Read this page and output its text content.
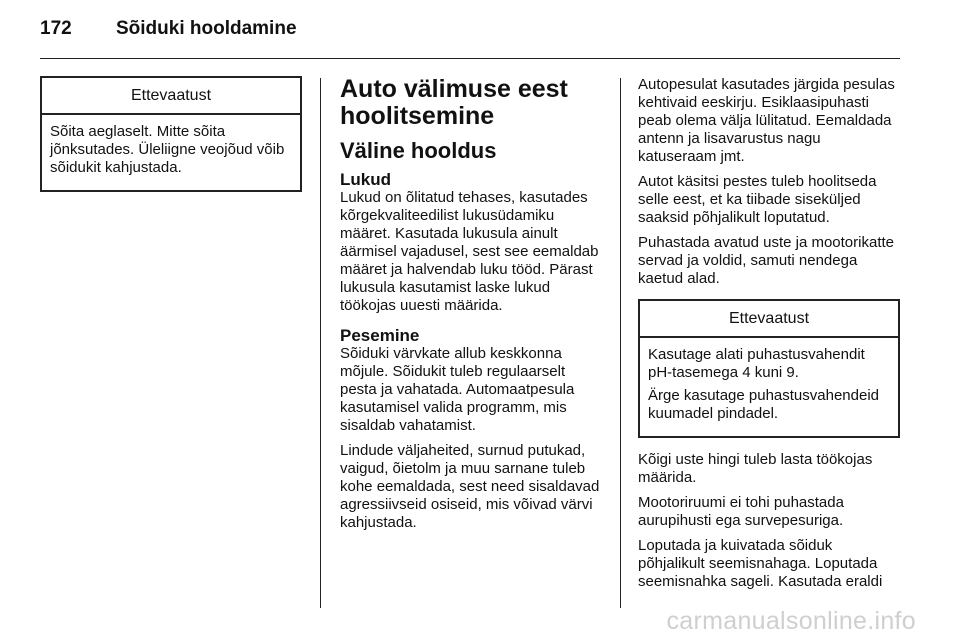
172 Sõiduki hooldamine
Ettevaatust

Sõita aeglaselt. Mitte sõita jõnksutades. Üleliigne veojõud võib sõidukit kahjustada.

Auto välimuse eest hoolitsemine
Väline hooldus
Lukud

Lukud on õlitatud tehases, kasutades kõrgekvaliteedilist lukusüdamiku määret. Kasutada lukusula ainult äärmisel vajadusel, sest see eemaldab määret ja halvendab luku tööd. Pärast lukusula kasutamist laske lukud töökojas uuesti määrida.

Pesemine

Sõiduki värvkate allub keskkonna mõjule. Sõidukit tuleb regulaarselt pesta ja vahatada. Automaatpesula kasutamisel valida programm, mis sisaldab vahatamist.

Lindude väljaheited, surnud putukad, vaigud, õietolm ja muu sarnane tuleb kohe eemaldada, sest need sisaldavad agressiivseid osiseid, mis võivad värvi kahjustada.

Autopesulat kasutades järgida pesulas kehtivaid eeskirju. Esiklaasipuhasti peab olema välja lülitatud. Eemaldada antenn ja lisavarustus nagu katuseraam jmt.

Autot käsitsi pestes tuleb hoolitseda selle eest, et ka tiibade siseküljed saaksid põhjalikult loputatud.

Puhastada avatud uste ja mootorikatte servad ja voldid, samuti nendega kaetud alad.

Ettevaatust

Kasutage alati puhastusvahendit pH-tasemega 4 kuni 9.

Ärge kasutage puhastusvahendeid kuumadel pindadel.

Kõigi uste hingi tuleb lasta töökojas määrida.

Mootoriruumi ei tohi puhastada aurupihusti ega survepesuriga.

Loputada ja kuivatada sõiduk põhjalikult seemisnahaga. Loputada seemisnahka sageli. Kasutada eraldi

carmanualsonline.info
